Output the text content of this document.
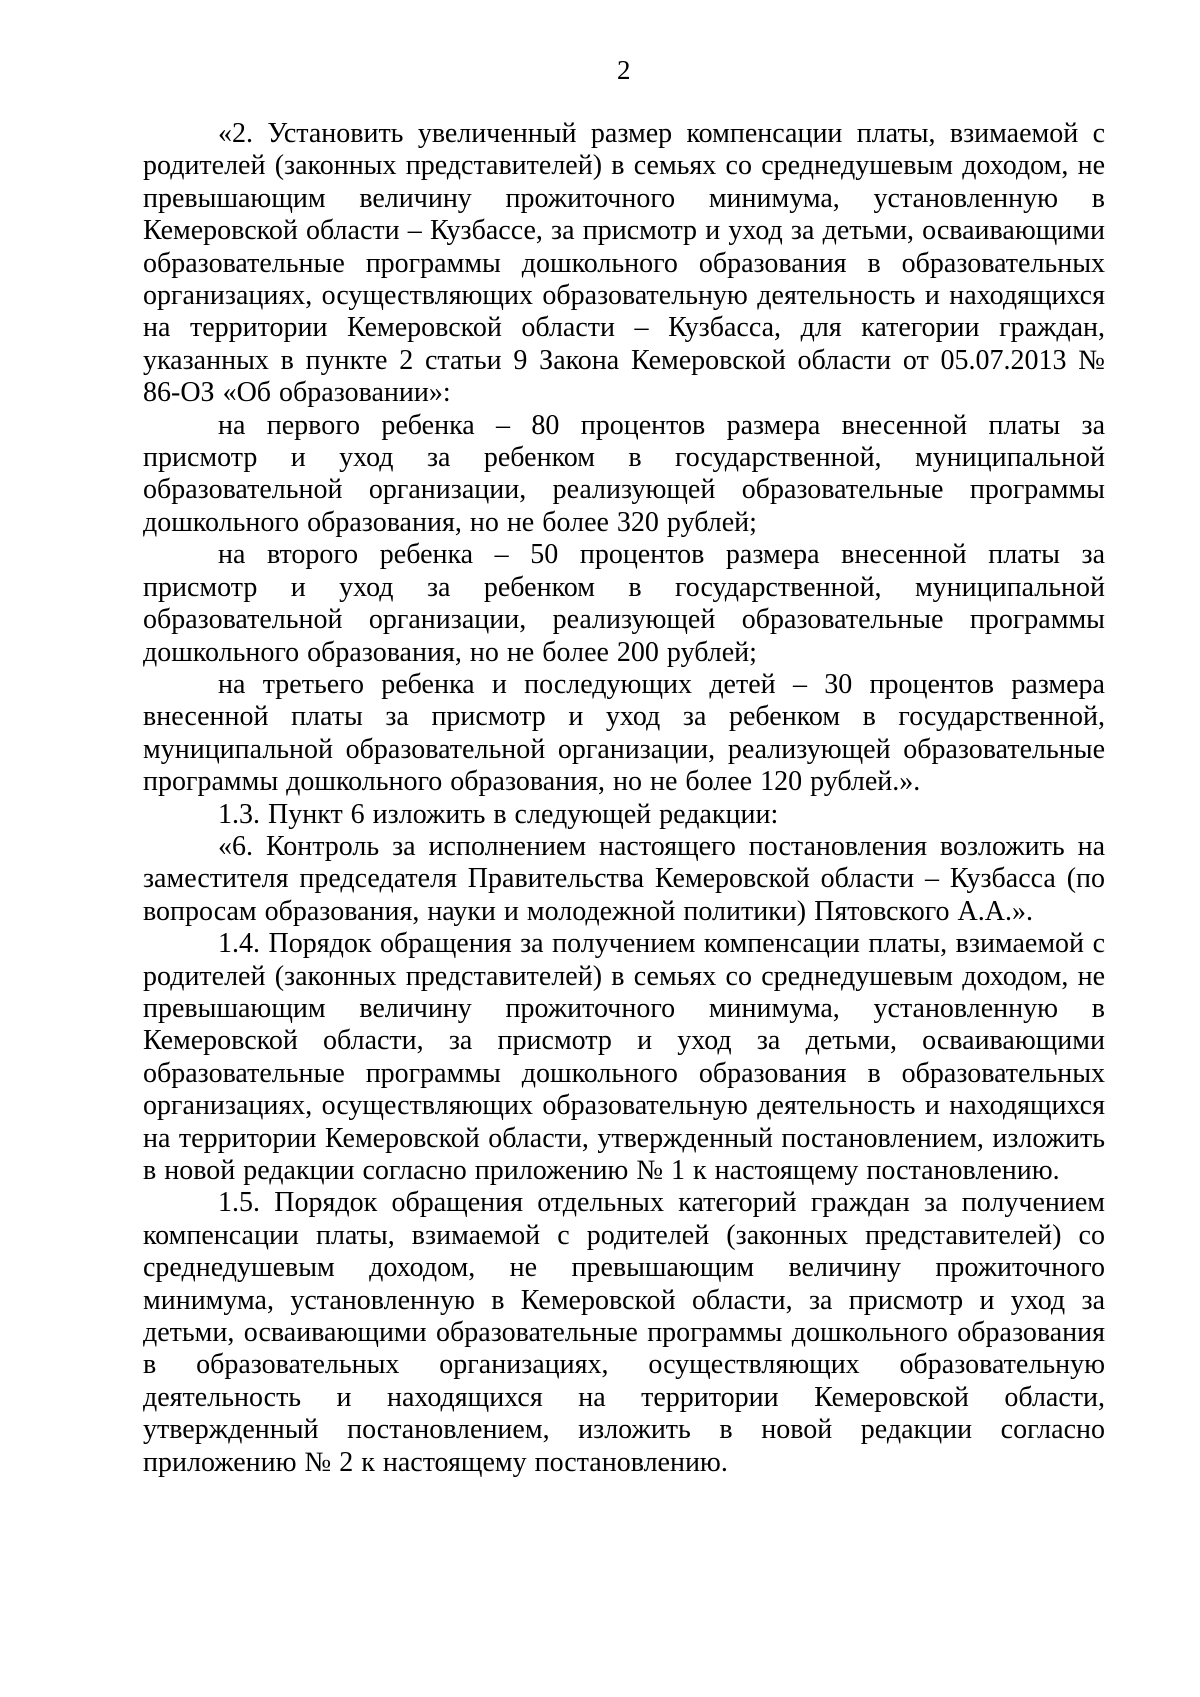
2

«2. Установить увеличенный размер компенсации платы, взимаемой с родителей (законных представителей) в семьях со среднедушевым доходом, не превышающим величину прожиточного минимума, установленную в Кемеровской области – Кузбассе, за присмотр и уход за детьми, осваивающими образовательные программы дошкольного образования в образовательных организациях, осуществляющих образовательную деятельность и находящихся на территории Кемеровской области – Кузбасса, для категории граждан, указанных в пункте 2 статьи 9 Закона Кемеровской области от 05.07.2013 № 86-ОЗ «Об образовании»:

на первого ребенка – 80 процентов размера внесенной платы за присмотр и уход за ребенком в государственной, муниципальной образовательной организации, реализующей образовательные программы дошкольного образования, но не более 320 рублей;

на второго ребенка – 50 процентов размера внесенной платы за присмотр и уход за ребенком в государственной, муниципальной образовательной организации, реализующей образовательные программы дошкольного образования, но не более 200 рублей;

на третьего ребенка и последующих детей – 30 процентов размера внесенной платы за присмотр и уход за ребенком в государственной, муниципальной образовательной организации, реализующей образовательные программы дошкольного образования, но не более 120 рублей.».

1.3. Пункт 6 изложить в следующей редакции:

«6. Контроль за исполнением настоящего постановления возложить на заместителя председателя Правительства Кемеровской области – Кузбасса (по вопросам образования, науки и молодежной политики) Пятовского А.А.».

1.4. Порядок обращения за получением компенсации платы, взимаемой с родителей (законных представителей) в семьях со среднедушевым доходом, не превышающим величину прожиточного минимума, установленную в Кемеровской области, за присмотр и уход за детьми, осваивающими образовательные программы дошкольного образования в образовательных организациях, осуществляющих образовательную деятельность и находящихся на территории Кемеровской области, утвержденный постановлением, изложить в новой редакции согласно приложению № 1 к настоящему постановлению.

1.5. Порядок обращения отдельных категорий граждан за получением компенсации платы, взимаемой с родителей (законных представителей) со среднедушевым доходом, не превышающим величину прожиточного минимума, установленную в Кемеровской области, за присмотр и уход за детьми, осваивающими образовательные программы дошкольного образования в образовательных организациях, осуществляющих образовательную деятельность и находящихся на территории Кемеровской области, утвержденный постановлением, изложить в новой редакции согласно приложению № 2 к настоящему постановлению.
